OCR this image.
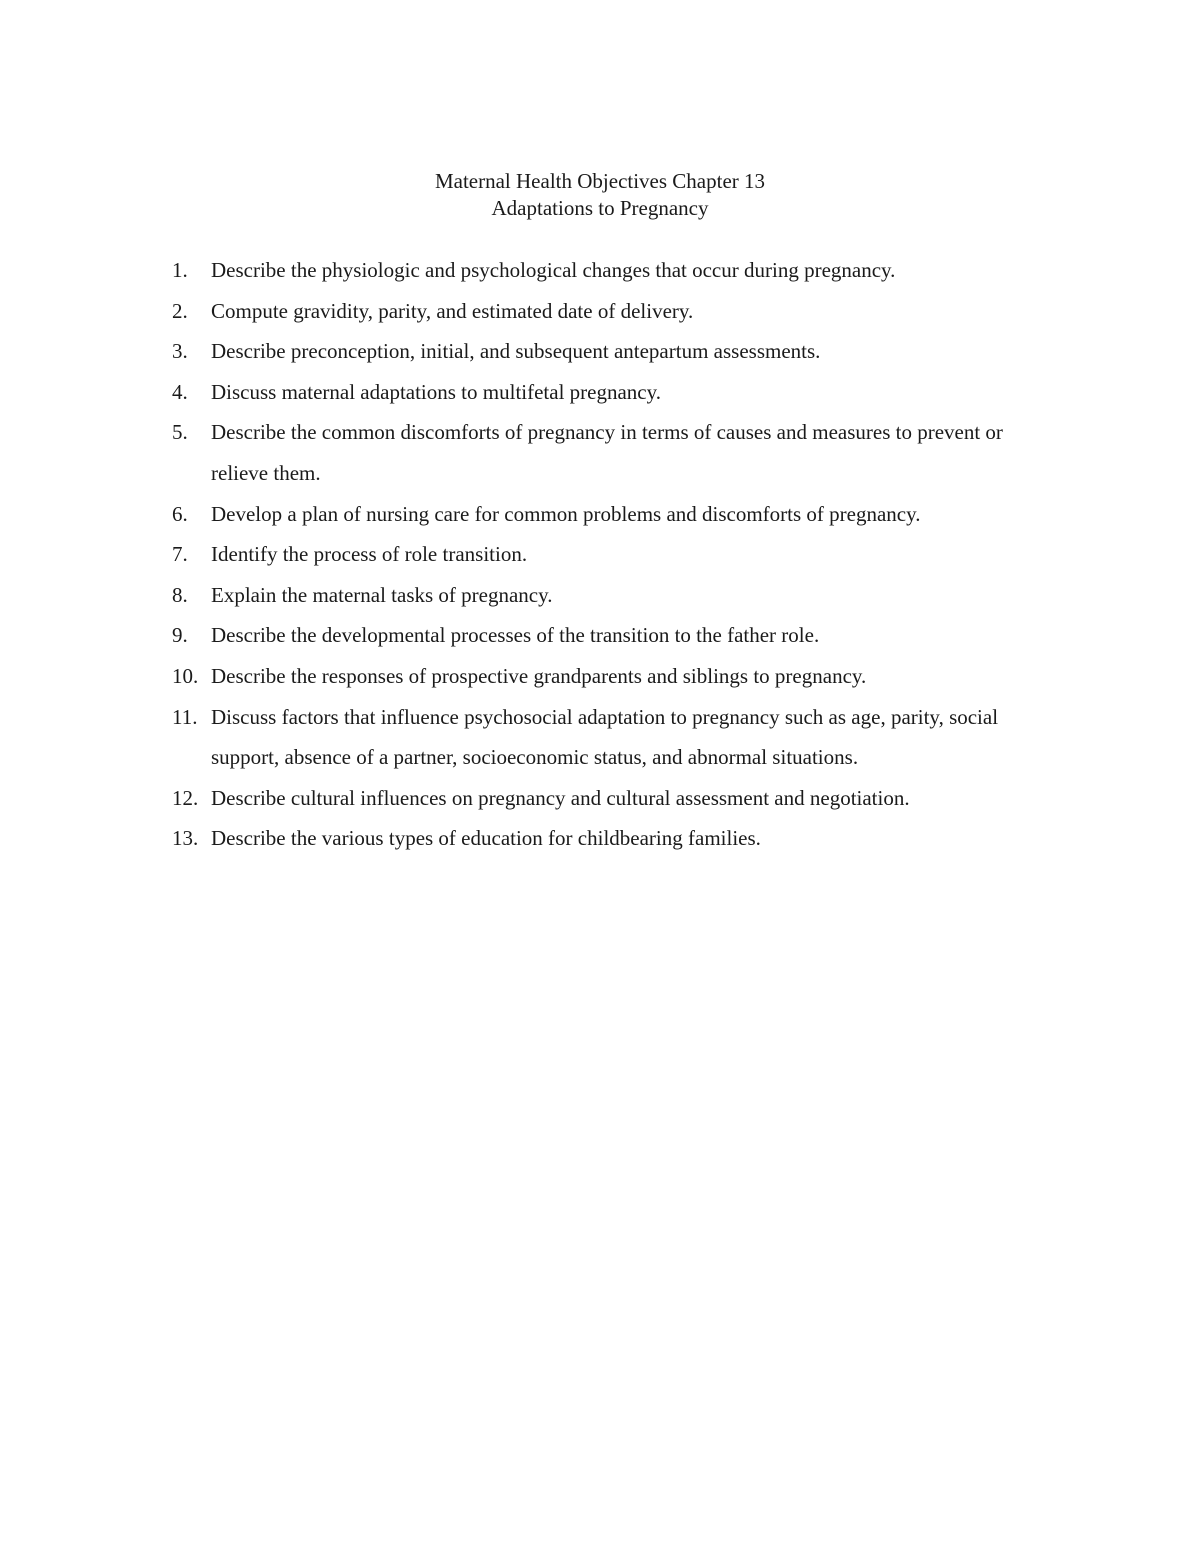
Maternal Health Objectives Chapter 13
Adaptations to Pregnancy
1. Describe the physiologic and psychological changes that occur during pregnancy.
2. Compute gravidity, parity, and estimated date of delivery.
3. Describe preconception, initial, and subsequent antepartum assessments.
4. Discuss maternal adaptations to multifetal pregnancy.
5. Describe the common discomforts of pregnancy in terms of causes and measures to prevent or relieve them.
6. Develop a plan of nursing care for common problems and discomforts of pregnancy.
7. Identify the process of role transition.
8. Explain the maternal tasks of pregnancy.
9. Describe the developmental processes of the transition to the father role.
10. Describe the responses of prospective grandparents and siblings to pregnancy.
11. Discuss factors that influence psychosocial adaptation to pregnancy such as age, parity, social support, absence of a partner, socioeconomic status, and abnormal situations.
12. Describe cultural influences on pregnancy and cultural assessment and negotiation.
13. Describe the various types of education for childbearing families.
